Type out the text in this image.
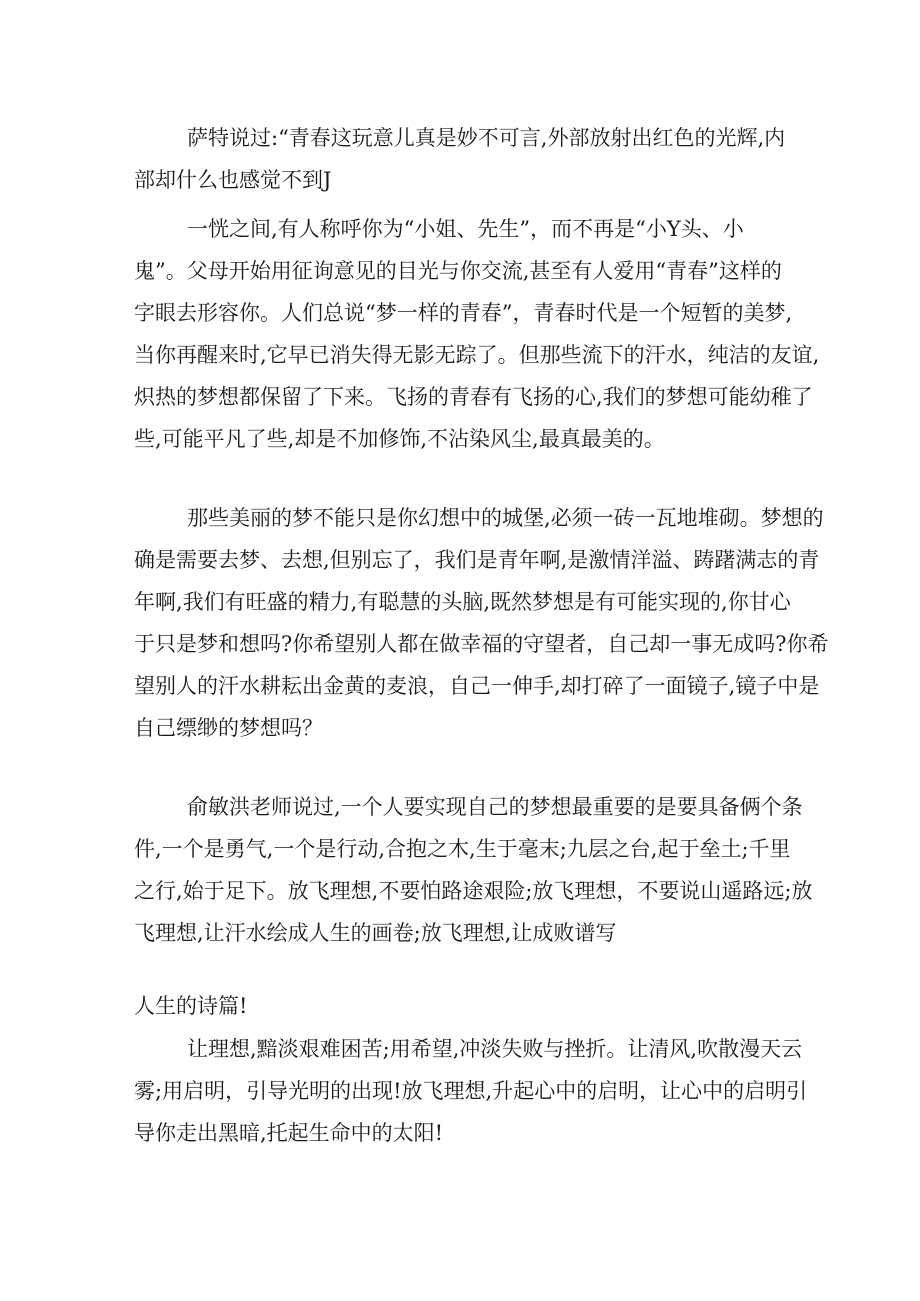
萨特说过:“青春这玩意儿真是妙不可言,外部放射出红色的光辉,内
部却什么也感觉不到J
一恍之间,有人称呼你为“小姐、先生”，而不再是“小Y头、小
鬼”。父母开始用征询意见的目光与你交流,甚至有人爱用“青春”这样的
字眼去形容你。人们总说“梦一样的青春”，青春时代是一个短暂的美梦,
当你再醒来时,它早已消失得无影无踪了。但那些流下的汗水，纯洁的友谊,
炽热的梦想都保留了下来。飞扬的青春有飞扬的心,我们的梦想可能幼稚了
些,可能平凡了些,却是不加修饰,不沾染风尘,最真最美的。
那些美丽的梦不能只是你幻想中的城堡,必须一砖一瓦地堆砌。梦想的
确是需要去梦、去想,但别忘了，我们是青年啊,是激情洋溢、踌躇满志的青
年啊,我们有旺盛的精力,有聪慧的头脑,既然梦想是有可能实现的,你甘心
于只是梦和想吗?你希望别人都在做幸福的守望者，自己却一事无成吗?你希
望别人的汗水耕耘出金黄的麦浪，自己一伸手,却打碎了一面镜子,镜子中是
自己缥缈的梦想吗？
俞敏洪老师说过,一个人要实现自己的梦想最重要的是要具备俩个条
件,一个是勇气,一个是行动,合抱之木,生于毫末;九层之台,起于垒土;千里
之行,始于足下。放飞理想,不要怕路途艰险;放飞理想，不要说山遥路远;放
飞理想,让汗水绘成人生的画卷;放飞理想,让成败谱写
人生的诗篇!
让理想,黯淡艰难困苦;用希望,冲淡失败与挫折。让清风,吹散漫天云
雾;用启明，引导光明的出现!放飞理想,升起心中的启明，让心中的启明引
导你走出黑暗,托起生命中的太阳!
